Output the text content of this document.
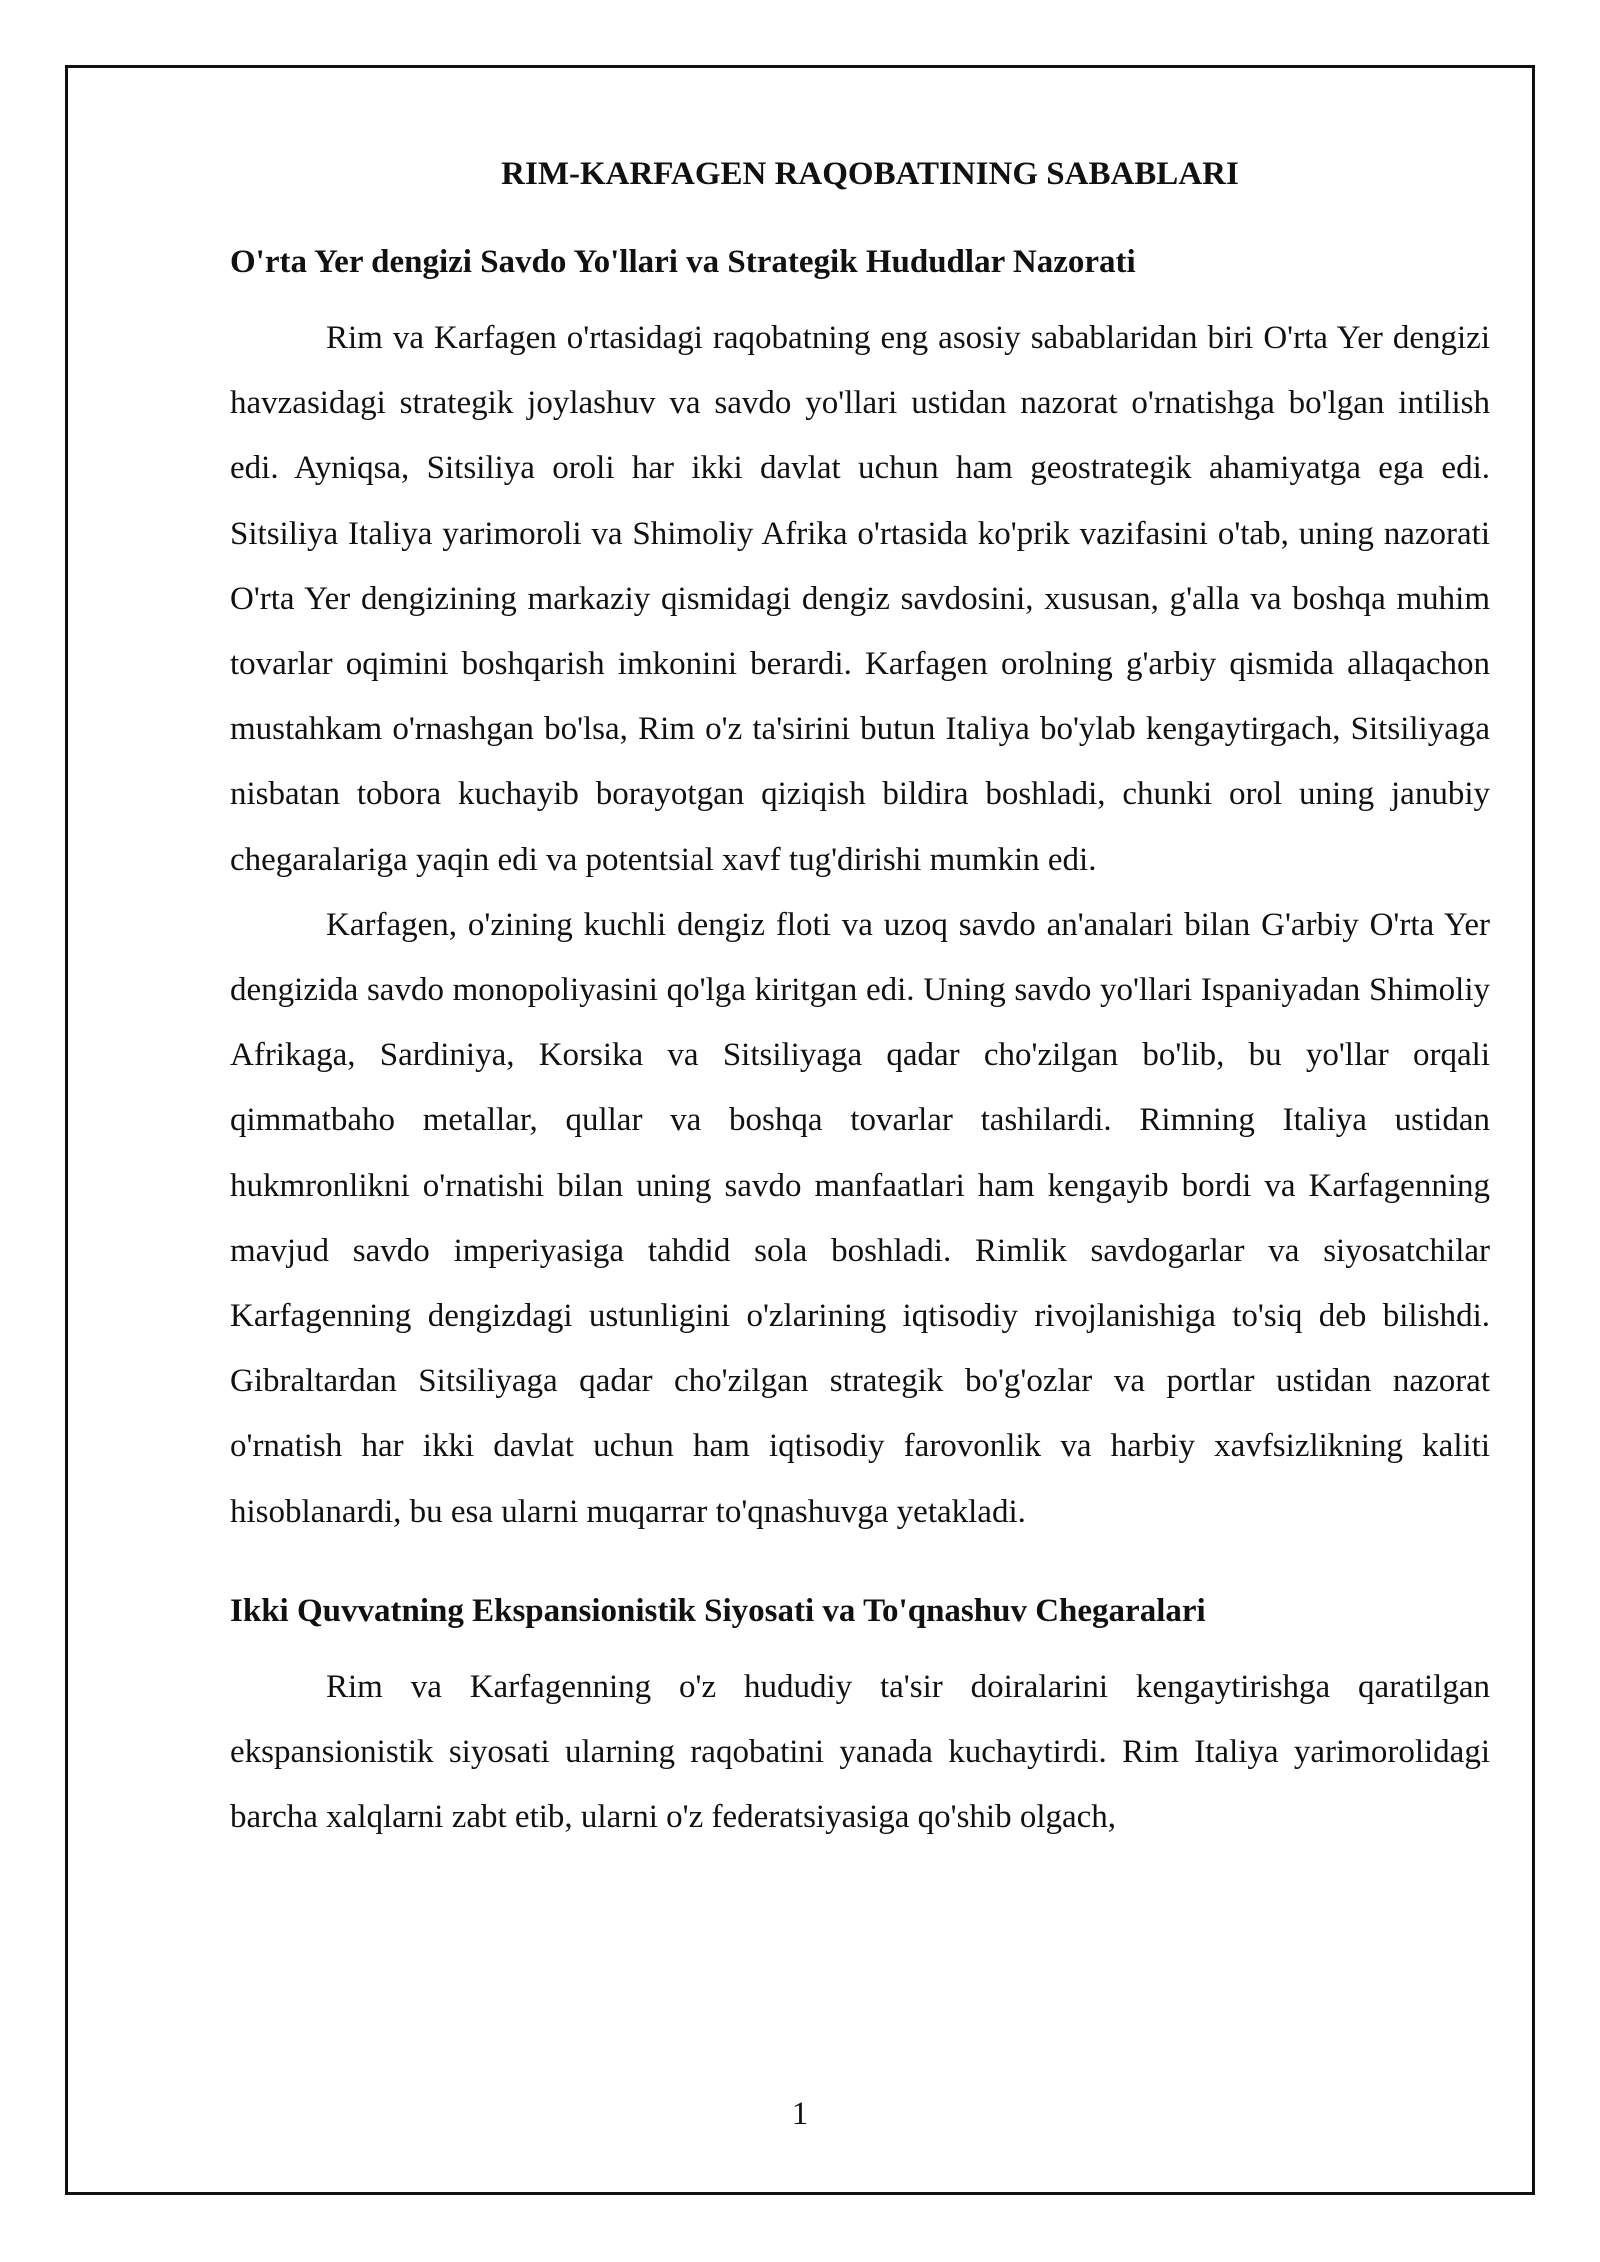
RIM-KARFAGEN RAQOBATINING SABABLARI
O'rta Yer dengizi Savdo Yo'llari va Strategik Hududlar Nazorati

Rim va Karfagen o'rtasidagi raqobatning eng asosiy sabablaridan biri O'rta Yer dengizi havzasidagi strategik joylashuv va savdo yo'llari ustidan nazorat o'rnatishga bo'lgan intilish edi. Ayniqsa, Sitsiliya oroli har ikki davlat uchun ham geostrategik ahamiyatga ega edi. Sitsiliya Italiya yarimoroli va Shimoliy Afrika o'rtasida ko'prik vazifasini o'tab, uning nazorati O'rta Yer dengizining markaziy qismidagi dengiz savdosini, xususan, g'alla va boshqa muhim tovarlar oqimini boshqarish imkonini berardi. Karfagen orolning g'arbiy qismida allaqachon mustahkam o'rnashgan bo'lsa, Rim o'z ta'sirini butun Italiya bo'ylab kengaytirgach, Sitsiliyaga nisbatan tobora kuchayib borayotgan qiziqish bildira boshladi, chunki orol uning janubiy chegaralariga yaqin edi va potentsial xavf tug'dirishi mumkin edi.

Karfagen, o'zining kuchli dengiz floti va uzoq savdo an'analari bilan G'arbiy O'rta Yer dengizida savdo monopoliyasini qo'lga kiritgan edi. Uning savdo yo'llari Ispaniyadan Shimoliy Afrikaga, Sardiniya, Korsika va Sitsiliyaga qadar cho'zilgan bo'lib, bu yo'llar orqali qimmatbaho metallar, qullar va boshqa tovarlar tashilardi. Rimning Italiya ustidan hukmronlikni o'rnatishi bilan uning savdo manfaatlari ham kengayib bordi va Karfagenning mavjud savdo imperiyasiga tahdid sola boshladi. Rimlik savdogarlar va siyosatchilar Karfagenning dengizdagi ustunligini o'zlarining iqtisodiy rivojlanishiga to'siq deb bilishdi. Gibraltardan Sitsiliyaga qadar cho'zilgan strategik bo'g'ozlar va portlar ustidan nazorat o'rnatish har ikki davlat uchun ham iqtisodiy farovonlik va harbiy xavfsizlikning kaliti hisoblanardi, bu esa ularni muqarrar to'qnashuvga yetakladi.

Ikki Quvvatning Ekspansionistik Siyosati va To'qnashuv Chegaralari

Rim va Karfagenning o'z hududiy ta'sir doiralarini kengaytirishga qaratilgan ekspansionistik siyosati ularning raqobatini yanada kuchaytirdi. Rim Italiya yarimorolidagi barcha xalqlarni zabt etib, ularni o'z federatsiyasiga qo'shib olgach,

1
